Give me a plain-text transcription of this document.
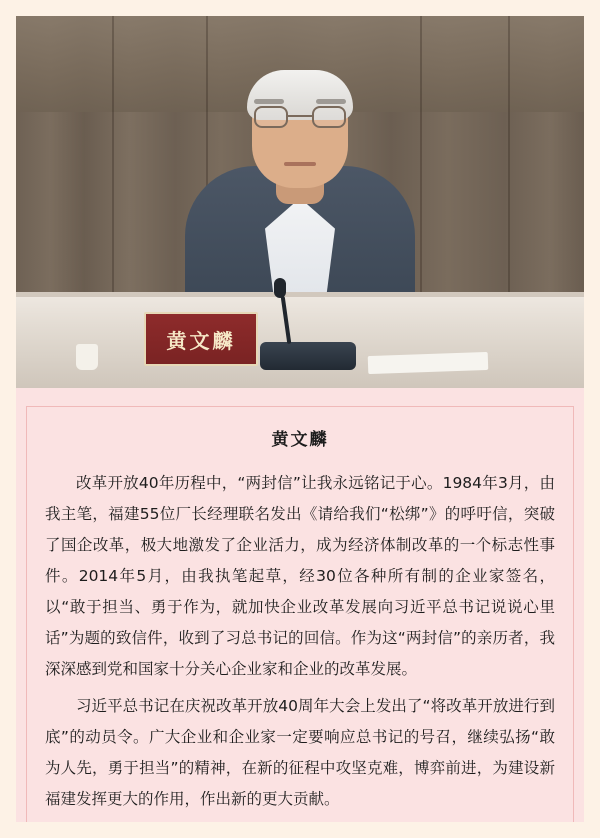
黄文麟
黄文麟

改革开放40年历程中，“两封信”让我永远铭记于心。1984年3月，由我主笔，福建55位厂长经理联名发出《请给我们“松绑”》的呼吁信，突破了国企改革，极大地激发了企业活力，成为经济体制改革的一个标志性事件。2014年5月，由我执笔起草，经30位各种所有制的企业家签名，以“敢于担当、勇于作为，就加快企业改革发展向习近平总书记说说心里话”为题的致信件，收到了习总书记的回信。作为这“两封信”的亲历者，我深深感到党和国家十分关心企业家和企业的改革发展。

习近平总书记在庆祝改革开放40周年大会上发出了“将改革开放进行到底”的动员令。广大企业和企业家一定要响应总书记的号召，继续弘扬“敢为人先，勇于担当”的精神，在新的征程中攻坚克难，博弈前进，为建设新福建发挥更大的作用，作出新的更大贡献。
